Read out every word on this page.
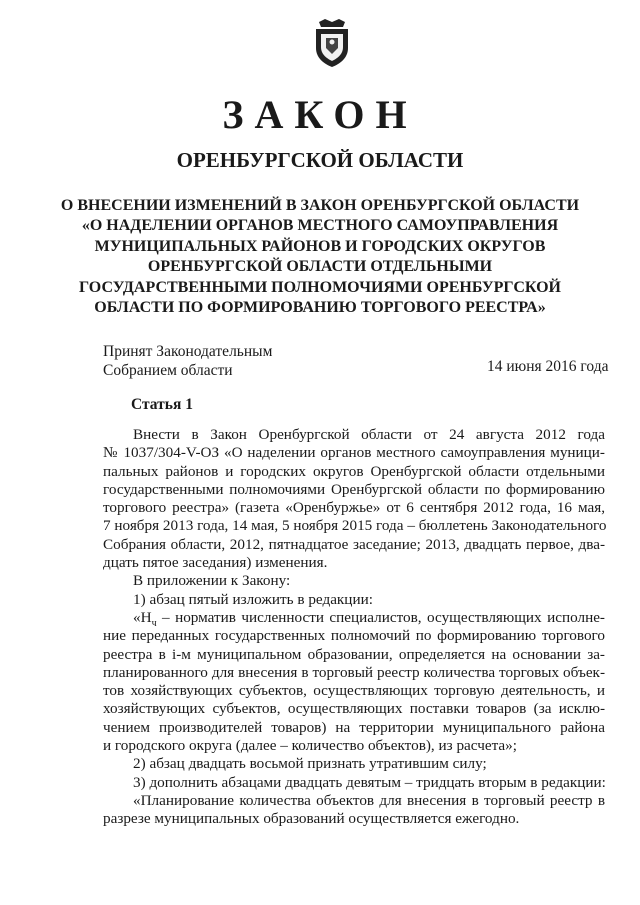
ЗАКОН
ОРЕНБУРГСКОЙ ОБЛАСТИ
О ВНЕСЕНИИ ИЗМЕНЕНИЙ В ЗАКОН ОРЕНБУРГСКОЙ ОБЛАСТИ
«О НАДЕЛЕНИИ ОРГАНОВ МЕСТНОГО САМОУПРАВЛЕНИЯ
МУНИЦИПАЛЬНЫХ РАЙОНОВ И ГОРОДСКИХ ОКРУГОВ
ОРЕНБУРГСКОЙ ОБЛАСТИ ОТДЕЛЬНЫМИ
ГОСУДАРСТВЕННЫМИ ПОЛНОМОЧИЯМИ ОРЕНБУРГСКОЙ
ОБЛАСТИ ПО ФОРМИРОВАНИЮ ТОРГОВОГО РЕЕСТРА»
Принят Законодательным
Собранием области	14 июня 2016 года
Статья 1
Внести в Закон Оренбургской области от 24 августа 2012 года
№ 1037/304-V-ОЗ «О наделении органов местного самоуправления муници-
пальных районов и городских округов Оренбургской области отдельными
государственными полномочиями Оренбургской области по формированию
торгового реестра» (газета «Оренбуржье» от 6 сентября 2012 года, 16 мая,
7 ноября 2013 года, 14 мая, 5 ноября 2015 года – бюллетень Законодательного
Собрания области, 2012, пятнадцатое заседание; 2013, двадцать первое, два-
дцать пятое заседания) изменения.
В приложении к Закону:
1) абзац пятый изложить в редакции:
«$Н_ч$ – норматив численности специалистов, осуществляющих исполне-
ние переданных государственных полномочий по формированию торгового
реестра в i-м муниципальном образовании, определяется на основании за-
планированного для внесения в торговый реестр количества торговых объек-
тов хозяйствующих субъектов, осуществляющих торговую деятельность, и
хозяйствующих субъектов, осуществляющих поставки товаров (за исклю-
чением производителей товаров) на территории муниципального района
и городского округа (далее – количество объектов), из расчета»;
2) абзац двадцать восьмой признать утратившим силу;
3) дополнить абзацами двадцать девятым – тридцать вторым в редакции:
«Планирование количества объектов для внесения в торговый реестр в
разрезе муниципальных образований осуществляется ежегодно.
